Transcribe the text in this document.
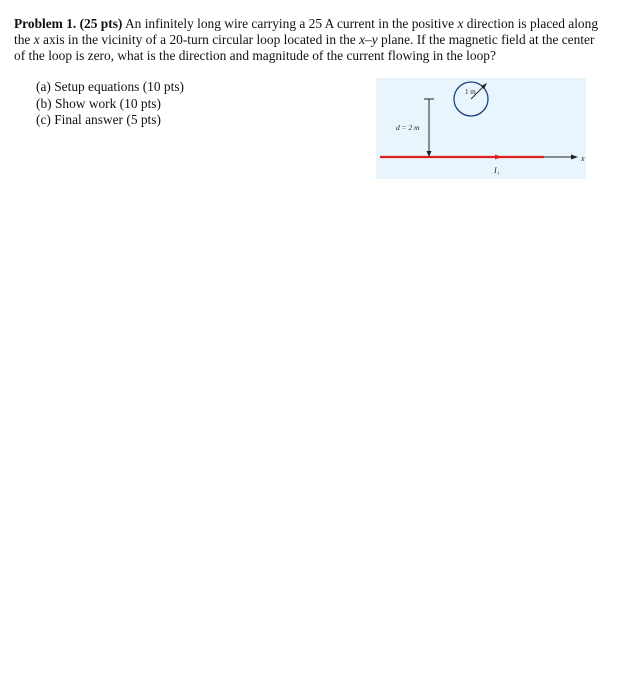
Problem 1. (25 pts) An infinitely long wire carrying a 25 A current in the positive x direction is placed along the x axis in the vicinity of a 20-turn circular loop located in the x–y plane. If the magnetic field at the center of the loop is zero, what is the direction and magnitude of the current flowing in the loop?
(a) Setup equations (10 pts)
(b) Show work (10 pts)
(c) Final answer (5 pts)
x
I₁
d = 2 m
1 m
